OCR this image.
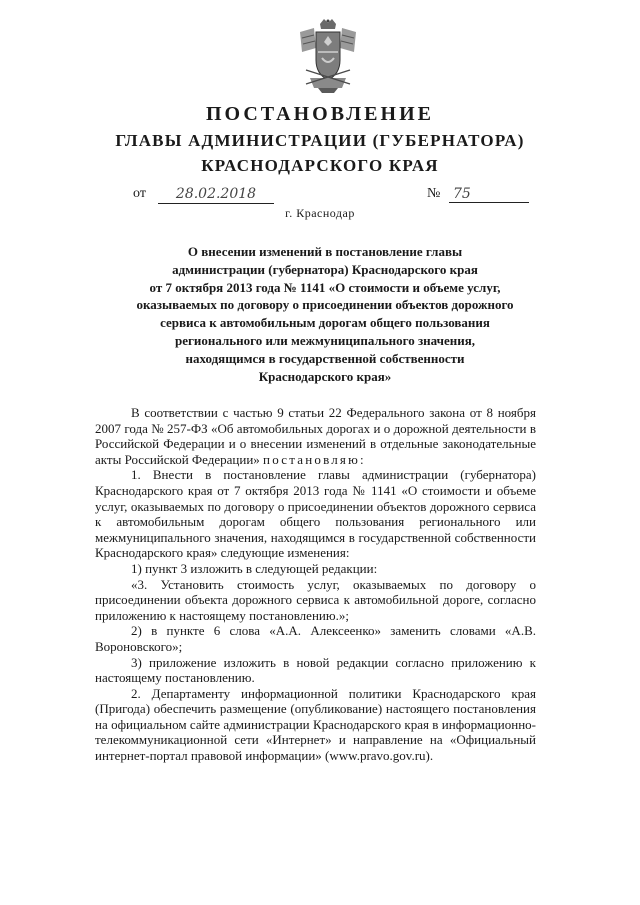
ПОСТАНОВЛЕНИЕ
ГЛАВЫ АДМИНИСТРАЦИИ (ГУБЕРНАТОРА)
КРАСНОДАРСКОГО КРАЯ
от	28.02.2018	№ 75
г. Краснодар
О внесении изменений в постановление главы
администрации (губернатора) Краснодарского края
от 7 октября 2013 года № 1141 «О стоимости и объеме услуг,
оказываемых по договору о присоединении объектов дорожного
сервиса к автомобильным дорогам общего пользования
регионального или межмуниципального значения,
находящимся в государственной собственности
Краснодарского края»

В соответствии с частью 9 статьи 22 Федерального закона от 8 ноября 2007 года № 257-ФЗ «Об автомобильных дорогах и о дорожной деятельности в Российской Федерации и о внесении изменений в отдельные законодательные акты Российской Федерации» постановляю:

1. Внести в постановление главы администрации (губернатора) Краснодарского края от 7 октября 2013 года № 1141 «О стоимости и объеме услуг, оказываемых по договору о присоединении объектов дорожного сервиса к автомобильным дорогам общего пользования регионального или межмуниципального значения, находящимся в государственной собственности Краснодарского края» следующие изменения:

1) пункт 3 изложить в следующей редакции:

«3. Установить стоимость услуг, оказываемых по договору о присоединении объекта дорожного сервиса к автомобильной дороге, согласно приложению к настоящему постановлению.»;

2) в пункте 6 слова «А.А. Алексеенко» заменить словами «А.В. Вороновского»;

3) приложение изложить в новой редакции согласно приложению к настоящему постановлению.

2. Департаменту информационной политики Краснодарского края (Пригода) обеспечить размещение (опубликование) настоящего постановления на официальном сайте администрации Краснодарского края в информационно-телекоммуникационной сети «Интернет» и направление на «Официальный интернет-портал правовой информации» (www.pravo.gov.ru).
